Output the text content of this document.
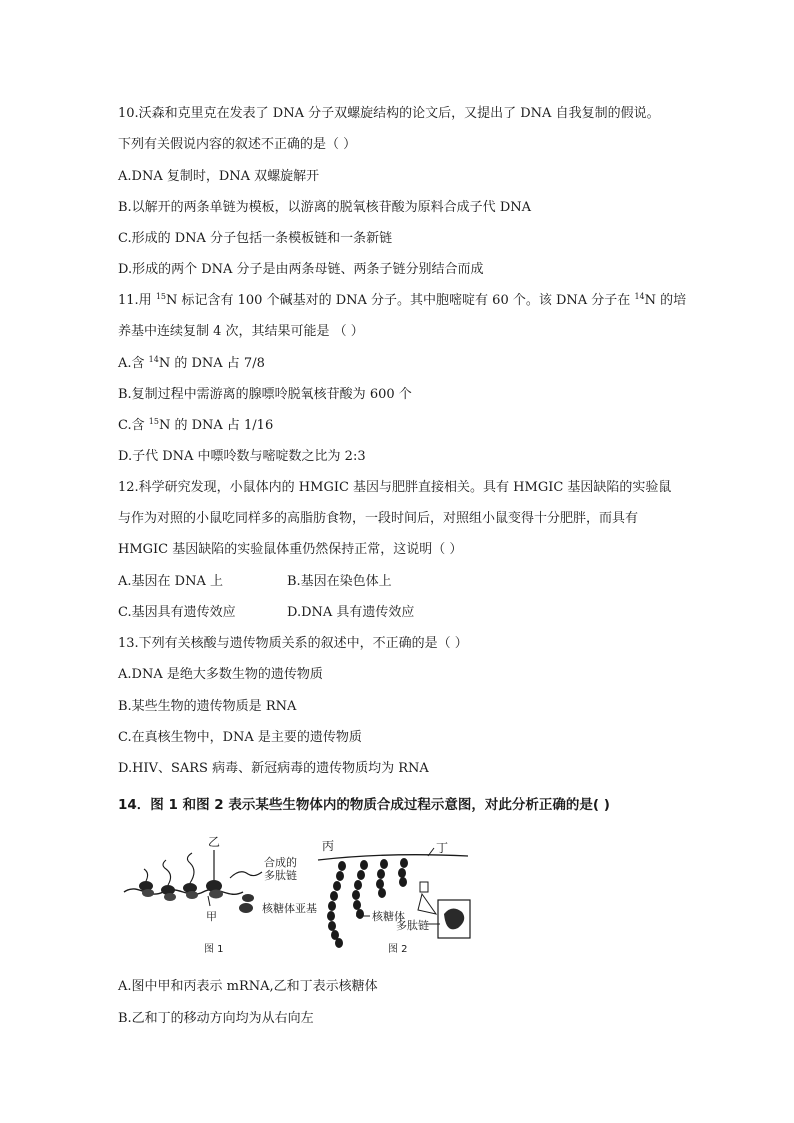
10.沃森和克里克在发表了 DNA 分子双螺旋结构的论文后，又提出了 DNA 自我复制的假说。
下列有关假说内容的叙述不正确的是（ ）
A.DNA 复制时，DNA 双螺旋解开
B.以解开的两条单链为模板，以游离的脱氧核苷酸为原料合成子代 DNA
C.形成的 DNA 分子包括一条模板链和一条新链
D.形成的两个 DNA 分子是由两条母链、两条子链分别结合而成
11.用 $^{15}$N 标记含有 100 个碱基对的 DNA 分子。其中胞嘧啶有 60 个。该 DNA 分子在 $^{14}$N 的培
养基中连续复制 4 次，其结果可能是 （ ）
A.含 $^{14}$N 的 DNA 占 7/8
B.复制过程中需游离的腺嘌呤脱氧核苷酸为 600 个
C.含 $^{15}$N 的 DNA 占 1/16
D.子代 DNA 中嘌呤数与嘧啶数之比为 2:3
12.科学研究发现，小鼠体内的 HMGIC 基因与肥胖直接相关。具有 HMGIC 基因缺陷的实验鼠
与作为对照的小鼠吃同样多的高脂肪食物，一段时间后，对照组小鼠变得十分肥胖，而具有
HMGIC 基因缺陷的实验鼠体重仍然保持正常，这说明（ ）
A.基因在 DNA 上	B.基因在染色体上
C.基因具有遗传效应	D.DNA 具有遗传效应
13.下列有关核酸与遗传物质关系的叙述中，不正确的是（ ）
A.DNA 是绝大多数生物的遗传物质
B.某些生物的遗传物质是 RNA
C.在真核生物中，DNA 是主要的遗传物质
D.HIV、SARS 病毒、新冠病毒的遗传物质均为 RNA
14．图 1 和图 2 表示某些生物体内的物质合成过程示意图，对此分析正确的是( )
乙
甲
合成的
多肽链
核糖体亚基
图 1
丙	丁
核糖体
多肽链
图 2
A.图中甲和丙表示 mRNA,乙和丁表示核糖体
B.乙和丁的移动方向均为从右向左
